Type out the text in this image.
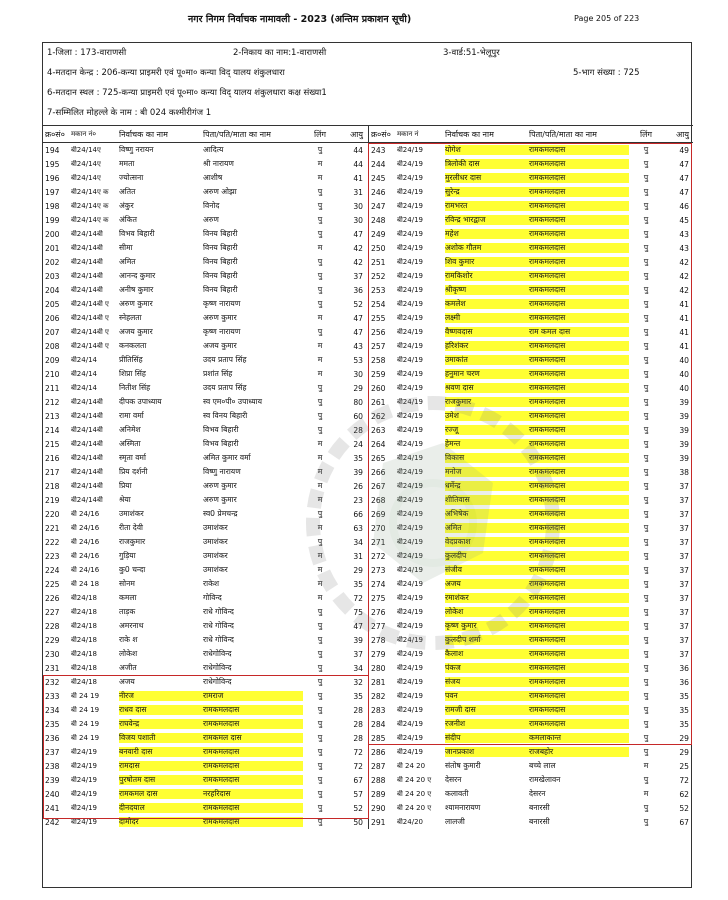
नगर निगम निर्वाचक नामावली - 2023 (अन्तिम प्रकाशन सूची)	Page 205 of 223
1-जिला : 173-वाराणसी	2-निकाय का नाम:1-वाराणसी	3-वार्ड:51-भेलूपुर
4-मतदान केन्द्र : 206-कन्या प्राइमरी एवं पू०मा० कन्या विद् यालय शंकुलधारा	5-भाग संख्या : 725
6-मतदान स्थल : 725-कन्या प्राइमरी एवं पू०मा० कन्या विद् यालय शंकुलधारा कक्ष संख्या1
7-सम्मिलित मोहल्ले के नाम : बी 024 कश्मीरीगंज 1
क्र०सं० मकान नं०	निर्वाचक का नाम	पिता/पति/माता का नाम	लिंग	आयु
194	बी24/14ए	विष्णु नरायन	आदित्य	पु	44
195	बी24/14ए	ममता	श्री नारायण	म	44
196	बी24/14ए	ज्योत्सना	आशीष	म	41
197	बी24/14ए क	अतित	अरुण ओझा	पु	31
198	बी24/14ए क	अंकुर	विनोद	पु	30
199	बी24/14ए क	अंकित	अरुण	पु	30
200	बी24/14बी	विभव बिहारी	विनय बिहारी	पु	47
201	बी24/14बी	सीमा	विनय बिहारी	म	42
202	बी24/14बी	अमित	विनय बिहारी	पु	42
203	बी24/14बी	आनन्द कुमार	विनय बिहारी	पु	37
204	बी24/14बी	अनीष कुमार	विनय बिहारी	पु	36
205	बी24/14बी ए	अरुण कुमार	कृष्ण नारायण	पु	52
206	बी24/14बी ए	स्नेहलता	अरुण कुमार	म	47
207	बी24/14बी ए	अजय कुमार	कृष्ण नारायण	पु	47
208	बी24/14बी ए	कनकलता	अजय कुमार	म	43
209	बी24/14	प्रीतिसिंह	उदय प्रताप सिंह	म	53
210	बी24/14	शिप्रा सिंह	प्रशांत सिंह	म	30
211	बी24/14	नितीश सिंह	उदय प्रताप सिंह	पु	29
212	बी24/14बी	दीपक उपाध्याय	स्व एम०पी० उपाध्याय	पु	80
213	बी24/14बी	रामा वर्मा	स्व विनय बिहारी	पु	60
214	बी24/14बी	अनिमेश	विभव बिहारी	पु	28
215	बी24/14बी	अस्मिता	विभव बिहारी	म	24
216	बी24/14बी	स्मृता वर्मा	अमित कुमार वर्मा	म	35
217	बी24/14बी	प्रिय दर्शनी	विष्णु नारायण	म	39
218	बी24/14बी	प्रिया	अरुण कुमार	म	26
219	बी24/14बी	श्रेया	अरुण कुमार	म	23
220	बी 24/16	उमाशंकर	स्व0 प्रेमचन्द्र	पु	66
221	बी 24/16	रीता देवी	उमाशंकर	म	63
222	बी 24/16	राजकुमार	उमाशंकर	पु	34
223	बी 24/16	गुड़िया	उमाशंकर	म	31
224	बी 24/16	कु0 चन्दा	उमाशंकर	म	29
225	बी 24 18	सोनम	राकेश	म	35
226	बी24/18	कमला	गोविन्द	म	72
227	बी24/18	ताड़क	राधे गोविन्द	पु	75
228	बी24/18	अमरनाथ	राधे गोविन्द	पु	47
229	बी24/18	राके श	राधे गोविन्द	पु	39
230	बी24/18	लोकेश	राधेगोविन्द	पु	37
231	बी24/18	अजीत	राधेगोविन्द	पु	34
232	बी24/18	अजय	राधेगोविन्द	पु	32
233	बी 24 19	नीरज	रामराज	पु	35
234	बी 24 19	राधव दास	रामकमलदास	पु	28
235	बी 24 19	राघवेन्द्र	रामकमलदास	पु	28
236	बी 24 19	विजय पशाती	रामकमल दास	पु	28
237	बी24/19	बनवारी दास	रामकमलदास	पु	72
238	बी24/19	रामदास	रामकमलदास	पु	72
239	बी24/19	पुरषोतम दास	रामकमलदास	पु	67
240	बी24/19	रामकमल दास	नरहरिदास	पु	57
241	बी24/19	दीनदयाल	रामकमलदास	पु	52
242	बी24/19	दामोदर	रामकमलदास	पु	50
क्र०सं० मकान नं	निर्वाचक का नाम	पिता/पति/माता का नाम	लिंग	आयु
243	बी24/19	योगेश	रामकमलदास	पु	49
244	बी24/19	त्रिलोकी दास	रामकमलदास	पु	47
245	बी24/19	मुरलीधर दास	रामकमलदास	पु	47
246	बी24/19	सुरेन्द्र	रामकमलदास	पु	47
247	बी24/19	रामभरत	रामकमलदास	पु	46
248	बी24/19	रविन्द्र भारद्वाज	रामकमलदास	पु	45
249	बी24/19	महेश	रामकमलदास	पु	43
250	बी24/19	अशोक गौतम	रामकमलदास	पु	43
251	बी24/19	शिव कुमार	रामकमलदास	पु	42
252	बी24/19	रामकिशोर	रामकमलदास	पु	42
253	बी24/19	श्रीकृष्ण	रामकमलदास	पु	42
254	बी24/19	कमलेश	रामकमलदास	पु	41
255	बी24/19	लक्ष्मी	रामकमलदास	पु	41
256	बी24/19	वैष्णवदास	राम कमल दास	पु	41
257	बी24/19	हरिशंकर	रामकमलदास	पु	41
258	बी24/19	उमाकांत	रामकमलदास	पु	40
259	बी24/19	हनुमान चरण	रामकमलदास	पु	40
260	बी24/19	श्रवण दास	रामकमलदास	पु	40
261	बी24/19	राजकुमार	रामकमलदास	पु	39
262	बी24/19	उमेश	रामकमलदास	पु	39
263	बी24/19	रज्जू	रामकमलदास	पु	39
264	बी24/19	हेमन्त	रामकमलदास	पु	39
265	बी24/19	विकास	रामकमलदास	पु	39
266	बी24/19	मनोज	रामकमलदास	पु	38
267	बी24/19	धर्मेन्द्र	रामकमलदास	पु	37
268	बी24/19	शीतिवास	रामकमलदास	पु	37
269	बी24/19	अभिषेक	रामकमलदास	पु	37
270	बी24/19	अमित	रामकमलदास	पु	37
271	बी24/19	वेदप्रकाश	रामकमलदास	पु	37
272	बी24/19	कुलदीप	रामकमलदास	पु	37
273	बी24/19	संजीव	रामकमलदास	पु	37
274	बी24/19	अजय	रामकमलदास	पु	37
275	बी24/19	रमाशंकर	रामकमलदास	पु	37
276	बी24/19	लोकेश	रामकमलदास	पु	37
277	बी24/19	कृष्ण कुमार	रामकमलदास	पु	37
278	बी24/19	कुलदीप शर्मा	रामकमलदास	पु	37
279	बी24/19	कैलाश	रामकमलदास	पु	37
280	बी24/19	पंकज	रामकमलदास	पु	36
281	बी24/19	संजय	रामकमलदास	पु	36
282	बी24/19	पवन	रामकमलदास	पु	35
283	बी24/19	रामजी दास	रामकमलदास	पु	35
284	बी24/19	रजनीश	रामकमलदास	पु	35
285	बी24/19	संदीप	कमलाकान्त	पु	29
286	बी24/19	जानप्रकाश	राजबहोर	पु	29
287	बी 24 20	संतोष कुमारी	बच्चे लाल	म	25
288	बी 24 20 ए	देसरन	रामखेलावन	पु	72
289	बी 24 20 ए	कलावती	देसरन	म	62
290	बी 24 20 ए	श्यामनारायण	बनारसी	पु	52
291	बी24/20	लालजी	बनारसी	पु	67
